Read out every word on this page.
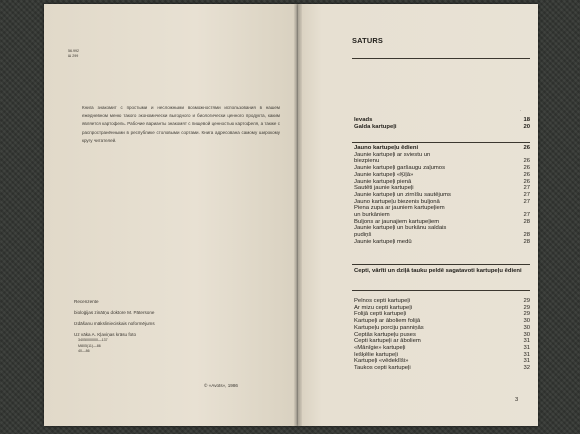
56.992
Ш 299
Книга знакомит с простыми и несложными возможностями использования в нашем ежедневном меню такого экономически выгодного и биологически ценного продукта, каким является картофель. Рабочие варианты знакомят с пищевой ценностью картофеля, а также с распространёнными в республике столовыми сортами. Книга адресована самому широкому кругу читателей.
Recenzente
bioloģijas zinātņu doktore M. Pātersone
Izdāšanu mākslinieciskais noformējums
Uz vāka A. Kļaviņas krāsu foto
3405000000—137
M805(11)—86
40—86
© «Avots», 1986
SATURS
·
Ievads	18
Galda kartupeļi	20
Jauno kartupeļu ēdieni	26
Jaunie kartupeļi ar sviestu un
biezpienu	26
Jaunie kartupeļi garšaugu zaļumos	26
Jaunie kartupeļi «Ķiļā»	26
Jaunie kartupeļi pienā	26
Sautēti jaunie kartupeļi	27
Jaunie kartupeļi un zirnīšu sautējums	27
Jauno kartupeļu biezenis buljonā	27
Piena zupa ar jauniem kartupeļiem
un burkāniem	27
Buljons ar jaunajiem kartupeļiem	28
Jaunie kartupeļi un burkānu saldais
pudiņš	28
Jaunie kartupeļi medū	28
Cepti, vārīti un dziļā tauku peldē sagatavoti kartupeļu ēdieni
Pelnos cepti kartupeļi	29
Ar mizu cepti kartupeļi	29
Folijā cepti kartupeļi	29
Kartupeļi ar āboliem folijā	30
Kartupeļu porciju panniņās	30
Ceptās kartupeļu puses	30
Cepti kartupeļi ar āboliem	31
«Mānīgie» kartupeļi	31
Iešķēlie kartupeļi	31
Kartupeļi «vēdeklīši»	31
Taukos cepti kartupeļi	32
3
